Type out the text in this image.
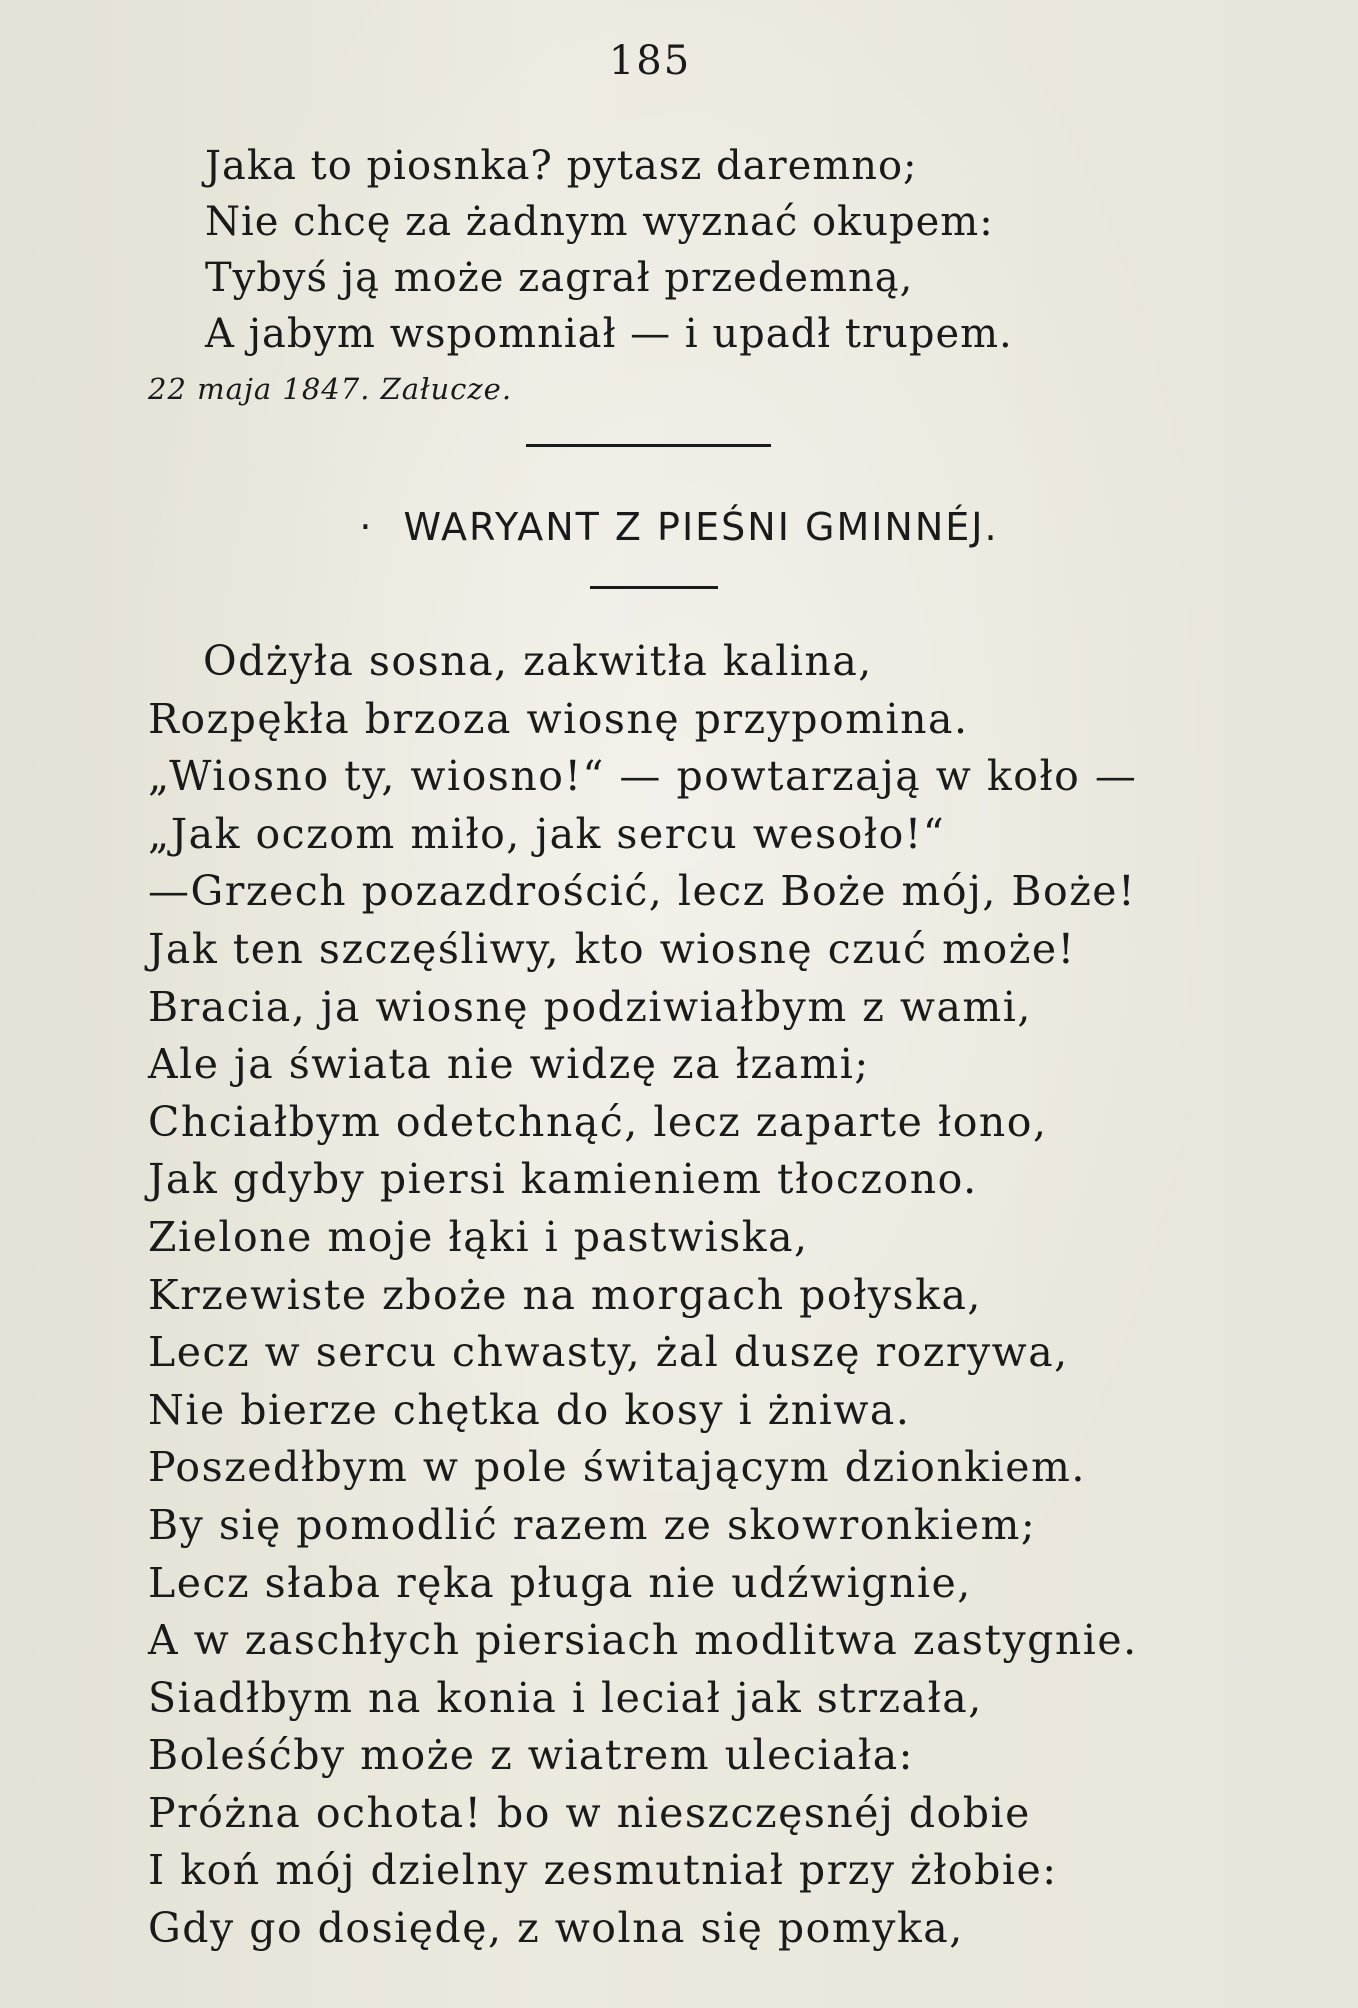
185
Jaka to piosnka? pytasz daremno;
Nie chcę za żadnym wyznać okupem:
Tybyś ją może zagrał przedemną,
A jabym wspomniał — i upadł trupem.
22 maja 1847. Załucze.
· WARYANT Z PIEŚNI GMINNÉJ.
Odżyła sosna, zakwitła kalina,
Rozpękła brzoza wiosnę przypomina.
„Wiosno ty, wiosno!“ — powtarzają w koło —
„Jak oczom miło, jak sercu wesoło!“
—Grzech pozazdrościć, lecz Boże mój, Boże!
Jak ten szczęśliwy, kto wiosnę czuć może!
Bracia, ja wiosnę podziwiałbym z wami,
Ale ja świata nie widzę za łzami;
Chciałbym odetchnąć, lecz zaparte łono,
Jak gdyby piersi kamieniem tłoczono.
Zielone moje łąki i pastwiska,
Krzewiste zboże na morgach połyska,
Lecz w sercu chwasty, żal duszę rozrywa,
Nie bierze chętka do kosy i żniwa.
Poszedłbym w pole świtającym dzionkiem.
By się pomodlić razem ze skowronkiem;
Lecz słaba ręka pługa nie udźwignie,
A w zaschłych piersiach modlitwa zastygnie.
Siadłbym na konia i leciał jak strzała,
Boleśćby może z wiatrem uleciała:
Próżna ochota! bo w nieszczęsnéj dobie
I koń mój dzielny zesmutniał przy żłobie:
Gdy go dosiędę, z wolna się pomyka,
